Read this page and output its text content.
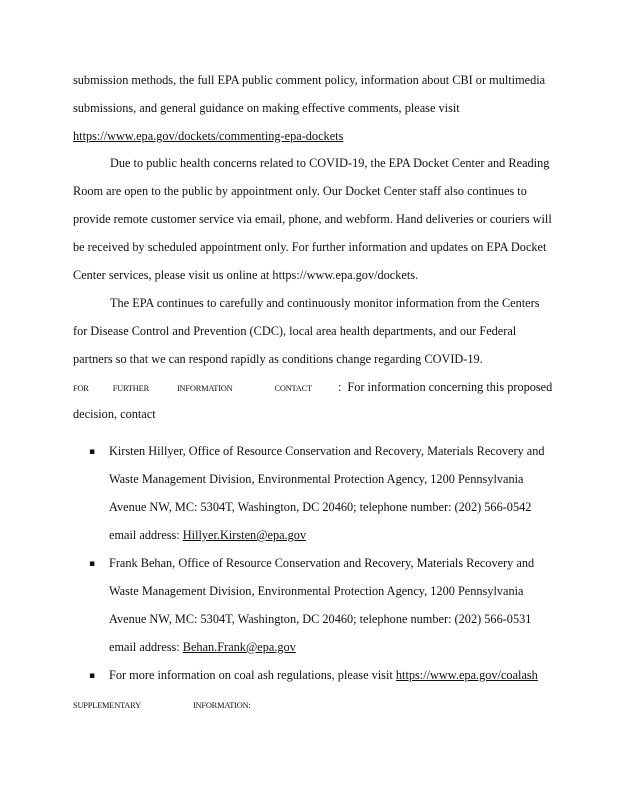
submission methods, the full EPA public comment policy, information about CBI or multimedia
submissions, and general guidance on making effective comments, please visit
https://www.epa.gov/dockets/commenting-epa-dockets
Due to public health concerns related to COVID-19, the EPA Docket Center and Reading
Room are open to the public by appointment only. Our Docket Center staff also continues to
provide remote customer service via email, phone, and webform. Hand deliveries or couriers will
be received by scheduled appointment only. For further information and updates on EPA Docket
Center services, please visit us online at https://www.epa.gov/dockets.
The EPA continues to carefully and continuously monitor information from the Centers
for Disease Control and Prevention (CDC), local area health departments, and our Federal
partners so that we can respond rapidly as conditions change regarding COVID-19.
FOR	FURTHER	INFORMATION	CONTACT : For information concerning this proposed
decision, contact
▪ Kirsten Hillyer, Office of Resource Conservation and Recovery, Materials Recovery and
Waste Management Division, Environmental Protection Agency, 1200 Pennsylvania
Avenue NW, MC: 5304T, Washington, DC 20460; telephone number: (202) 566-0542
email address: Hillyer.Kirsten@epa.gov
▪ Frank Behan, Office of Resource Conservation and Recovery, Materials Recovery and
Waste Management Division, Environmental Protection Agency, 1200 Pennsylvania
Avenue NW, MC: 5304T, Washington, DC 20460; telephone number: (202) 566-0531
email address: Behan.Frank@epa.gov
▪ For more information on coal ash regulations, please visit https://www.epa.gov/coalash
SUPPLEMENTARY	INFORMATION:
